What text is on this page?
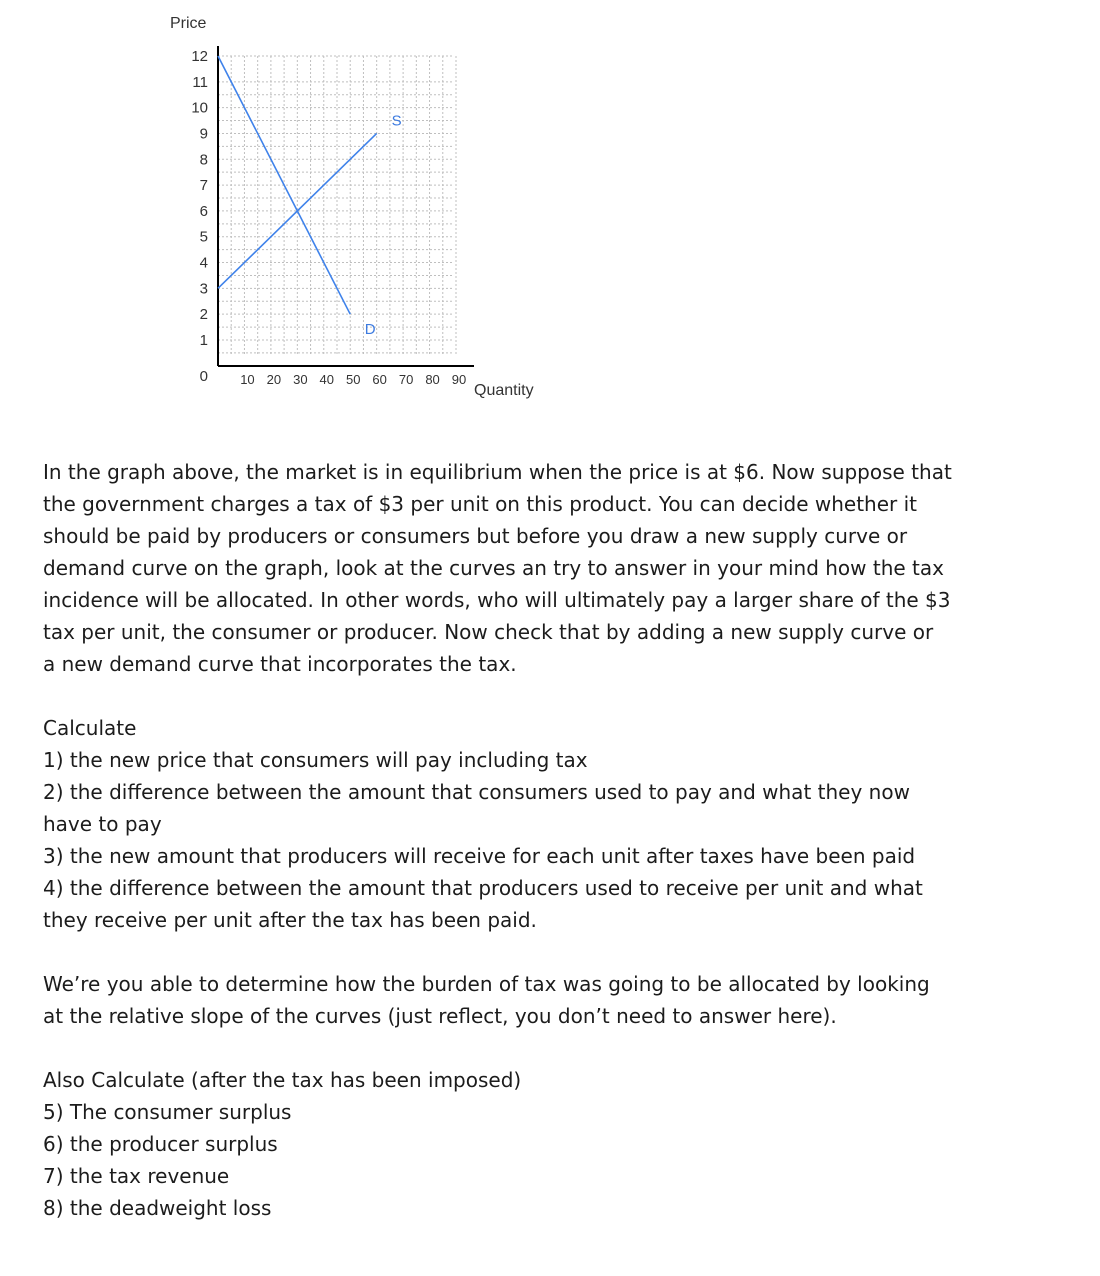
Price
Quantity
0
1
2
3
4
5
6
7
8
9
10
11
12
10 20 30 40 50 60 70 80 90
S
D

In the graph above, the market is in equilibrium when the price is at $6. Now suppose that

the government charges a tax of $3 per unit on this product. You can decide whether it

should be paid by producers or consumers but before you draw a new supply curve or

demand curve on the graph, look at the curves an try to answer in your mind how the tax

incidence will be allocated. In other words, who will ultimately pay a larger share of the $3

tax per unit, the consumer or producer. Now check that by adding a new supply curve or

a new demand curve that incorporates the tax.

Calculate

1) the new price that consumers will pay including tax

2) the difference between the amount that consumers used to pay and what they now

have to pay

3) the new amount that producers will receive for each unit after taxes have been paid

4) the difference between the amount that producers used to receive per unit and what

they receive per unit after the tax has been paid.

We’re you able to determine how the burden of tax was going to be allocated by looking

at the relative slope of the curves (just reflect, you don’t need to answer here).

Also Calculate (after the tax has been imposed)

5) The consumer surplus

6) the producer surplus

7) the tax revenue

8) the deadweight loss
